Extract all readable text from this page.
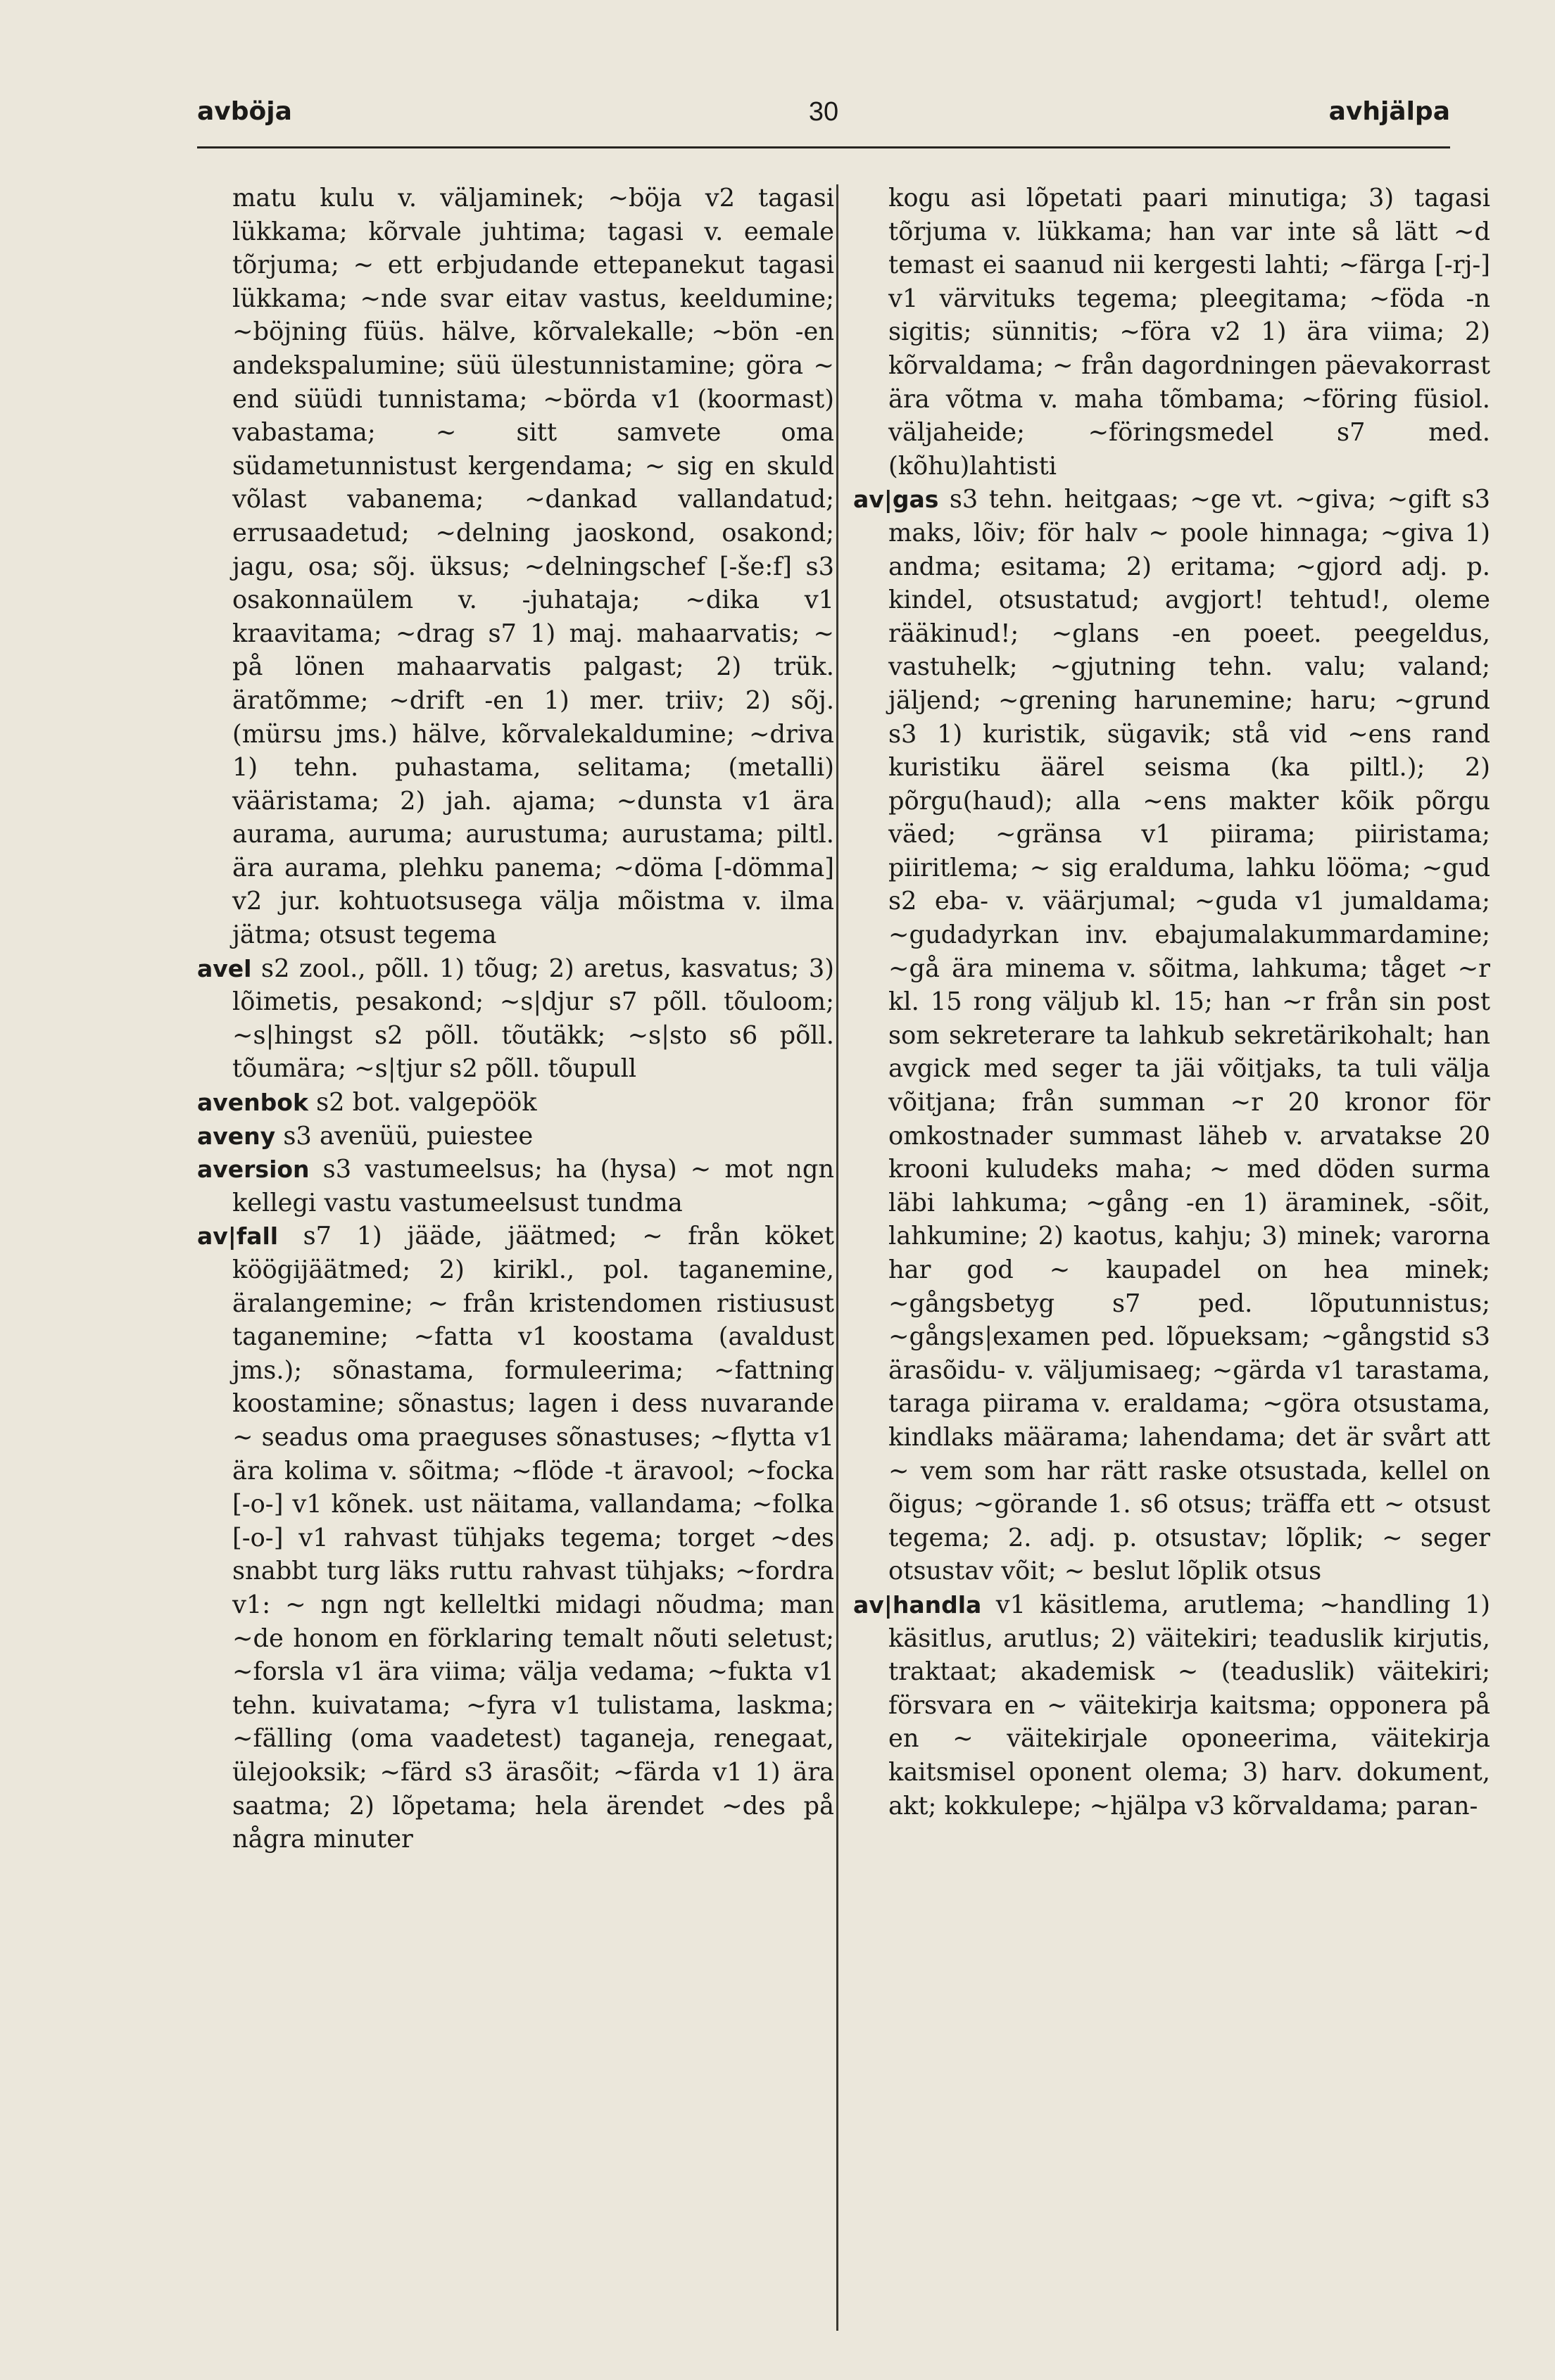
avböja	30	avhjälpa

matu kulu v. väljaminek; ~böja v2 tagasi lükkama; kõrvale juhtima; tagasi v. eemale tõrjuma; ~ ett erbjudande ettepanekut tagasi lükkama; ~nde svar eitav vastus, keeldumine; ~böjning füüs. hälve, kõrvalekalle; ~bön -en andekspalumine; süü ülestunnistamine; göra ~ end süüdi tunnistama; ~börda v1 (koormast) vabastama; ~ sitt samvete oma südametunnistust kergendama; ~ sig en skuld võlast vabanema; ~dankad vallandatud; errusaadetud; ~delning jaoskond, osakond; jagu, osa; sõj. üksus; ~delningschef [-še:f] s3 osakonnaülem v. -juhataja; ~dika v1 kraavitama; ~drag s7 1) maj. mahaarvatis; ~ på lönen mahaarvatis palgast; 2) trük. äratõmme; ~drift -en 1) mer. triiv; 2) sõj. (mürsu jms.) hälve, kõrvalekaldumine; ~driva 1) tehn. puhastama, selitama; (metalli) vääristama; 2) jah. ajama; ~dunsta v1 ära aurama, auruma; aurustuma; aurustama; piltl. ära aurama, plehku panema; ~döma [-dömma] v2 jur. kohtuotsusega välja mõistma v. ilma jätma; otsust tegema

avel s2 zool., põll. 1) tõug; 2) aretus, kasvatus; 3) lõimetis, pesakond; ~s|djur s7 põll. tõuloom; ~s|hingst s2 põll. tõutäkk; ~s|sto s6 põll. tõumära; ~s|tjur s2 põll. tõupull

avenbok s2 bot. valgepöök

aveny s3 avenüü, puiestee

aversion s3 vastumeelsus; ha (hysa) ~ mot ngn kellegi vastu vastumeelsust tundma

av|fall s7 1) jääde, jäätmed; ~ från köket köögijäätmed; 2) kirikl., pol. taganemine, äralangemine; ~ från kristendomen ristiusust taganemine; ~fatta v1 koostama (avaldust jms.); sõnastama, formuleerima; ~fattning koostamine; sõnastus; lagen i dess nuvarande ~ seadus oma praeguses sõnastuses; ~flytta v1 ära kolima v. sõitma; ~flöde -t äravool; ~focka [-o-] v1 kõnek. ust näitama, vallandama; ~folka [-o-] v1 rahvast tühjaks tegema; torget ~des snabbt turg läks ruttu rahvast tühjaks; ~fordra v1: ~ ngn ngt kelleltki midagi nõudma; man ~de honom en förklaring temalt nõuti seletust; ~forsla v1 ära viima; välja vedama; ~fukta v1 tehn. kuivatama; ~fyra v1 tulistama, laskma; ~fälling (oma vaadetest) taganeja, renegaat, ülejooksik; ~färd s3 ärasõit; ~färda v1 1) ära saatma; 2) lõpetama; hela ärendet ~des på några minuter

kogu asi lõpetati paari minutiga; 3) tagasi tõrjuma v. lükkama; han var inte så lätt ~d temast ei saanud nii kergesti lahti; ~färga [-rj-] v1 värvituks tegema; pleegitama; ~föda -n sigitis; sünnitis; ~föra v2 1) ära viima; 2) kõrvaldama; ~ från dagordningen päevakorrast ära võtma v. maha tõmbama; ~föring füsiol. väljaheide; ~föringsmedel s7 med. (kõhu)lahtisti

av|gas s3 tehn. heitgaas; ~ge vt. ~giva; ~gift s3 maks, lõiv; för halv ~ poole hinnaga; ~giva 1) andma; esitama; 2) eritama; ~gjord adj. p. kindel, otsustatud; avgjort! tehtud!, oleme rääkinud!; ~glans -en poeet. peegeldus, vastuhelk; ~gjutning tehn. valu; valand; jäljend; ~grening harunemine; haru; ~grund s3 1) kuristik, sügavik; stå vid ~ens rand kuristiku äärel seisma (ka piltl.); 2) põrgu(haud); alla ~ens makter kõik põrgu väed; ~gränsa v1 piirama; piiristama; piiritlema; ~ sig eralduma, lahku lööma; ~gud s2 eba- v. väärjumal; ~guda v1 jumaldama; ~gudadyrkan inv. ebajumalakummardamine; ~gå ära minema v. sõitma, lahkuma; tåget ~r kl. 15 rong väljub kl. 15; han ~r från sin post som sekreterare ta lahkub sekretärikohalt; han avgick med seger ta jäi võitjaks, ta tuli välja võitjana; från summan ~r 20 kronor för omkostnader summast läheb v. arvatakse 20 krooni kuludeks maha; ~ med döden surma läbi lahkuma; ~gång -en 1) äraminek, -sõit, lahkumine; 2) kaotus, kahju; 3) minek; varorna har god ~ kaupadel on hea minek; ~gångsbetyg s7 ped. lõputunnistus; ~gångs|examen ped. lõpueksam; ~gångstid s3 ärasõidu- v. väljumisaeg; ~gärda v1 tarastama, taraga piirama v. eraldama; ~göra otsustama, kindlaks määrama; lahendama; det är svårt att ~ vem som har rätt raske otsustada, kellel on õigus; ~görande 1. s6 otsus; träffa ett ~ otsust tegema; 2. adj. p. otsustav; lõplik; ~ seger otsustav võit; ~ beslut lõplik otsus

av|handla v1 käsitlema, arutlema; ~handling 1) käsitlus, arutlus; 2) väitekiri; teaduslik kirjutis, traktaat; akademisk ~ (teaduslik) väitekiri; försvara en ~ väitekirja kaitsma; opponera på en ~ väitekirjale oponeerima, väitekirja kaitsmisel oponent olema; 3) harv. dokument, akt; kokkulepe; ~hjälpa v3 kõrvaldama; paran-
